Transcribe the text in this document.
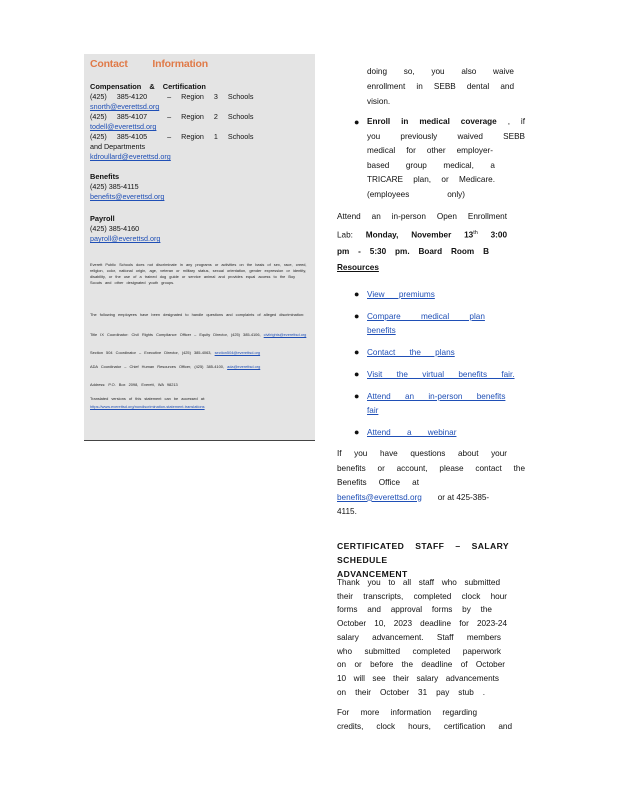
Contact Information
Compensation & Certification
(425) 385-4120	– Region 3 Schools
snorth@everettsd.org
(425) 385-4107	– Region 2 Schools
todell@everettsd.org
(425) 385-4105	– Region 1 Schools
and Departments
kdroullard@everettsd.org
Benefits
(425) 385-4115
benefits@everettsd.org
Payroll
(425) 385-4160
payroll@everettsd.org
Everett Public Schools does not discriminate in any programs or activities on the basis of sex, race, creed, religion, color, national origin, age, veteran or military status, sexual orientation, gender expression or identity, disability, or the use of a trained dog guide or service animal and provides equal access to the Boy Scouts and other designated youth groups.
The following employees have been designated to handle questions and complaints of alleged discrimination:
Title IX Coordinator: Civil Rights Compliance Officer – Equity Director, (425) 385-4106, civilrights@everettsd.org
Section 504 Coordinator – Executive Director, (425) 385-4063, section504@everettsd.org
ADA Coordinator – Chief Human Resources Officer, (425) 385-4100, ada@everettsd.org
Address: P.O. Box 2098, Everett, WA 98213
Translated versions of this statement can be accessed at:
https://www.everettsd.org/nondiscrimination-statement-translations

doing so, you also waive

enrollment in SEBB dental and

vision.

● Enroll in medical coverage , if
you previously waived SEBB
medical for other employer-
based group medical, a
TRICARE plan, or Medicare.
(employees only)

Attend an in-person Open Enrollment

Lab: Monday, November 13th 3:00

pm - 5:30 pm. Board Room B

Resources
● View premiums
● Compare medical plan
benefits
● Contact the plans
● Visit the virtual benefits fair.
● Attend an in-person benefits
fair
● Attend a webinar

If you have questions about your

benefits or account, please contact the

Benefits Office at

benefits@everettsd.org or at 425-385-

4115.

CERTIFICATED STAFF – SALARY
SCHEDULE ADVANCEMENT

Thank you to all staff who submitted

their transcripts, completed clock hour

forms and approval forms by the

October 10, 2023 deadline for 2023-24

salary advancement. Staff members

who submitted completed paperwork

on or before the deadline of October

10 will see their salary advancements

on their October 31 pay stub .

For more information regarding

credits, clock hours, certification and
